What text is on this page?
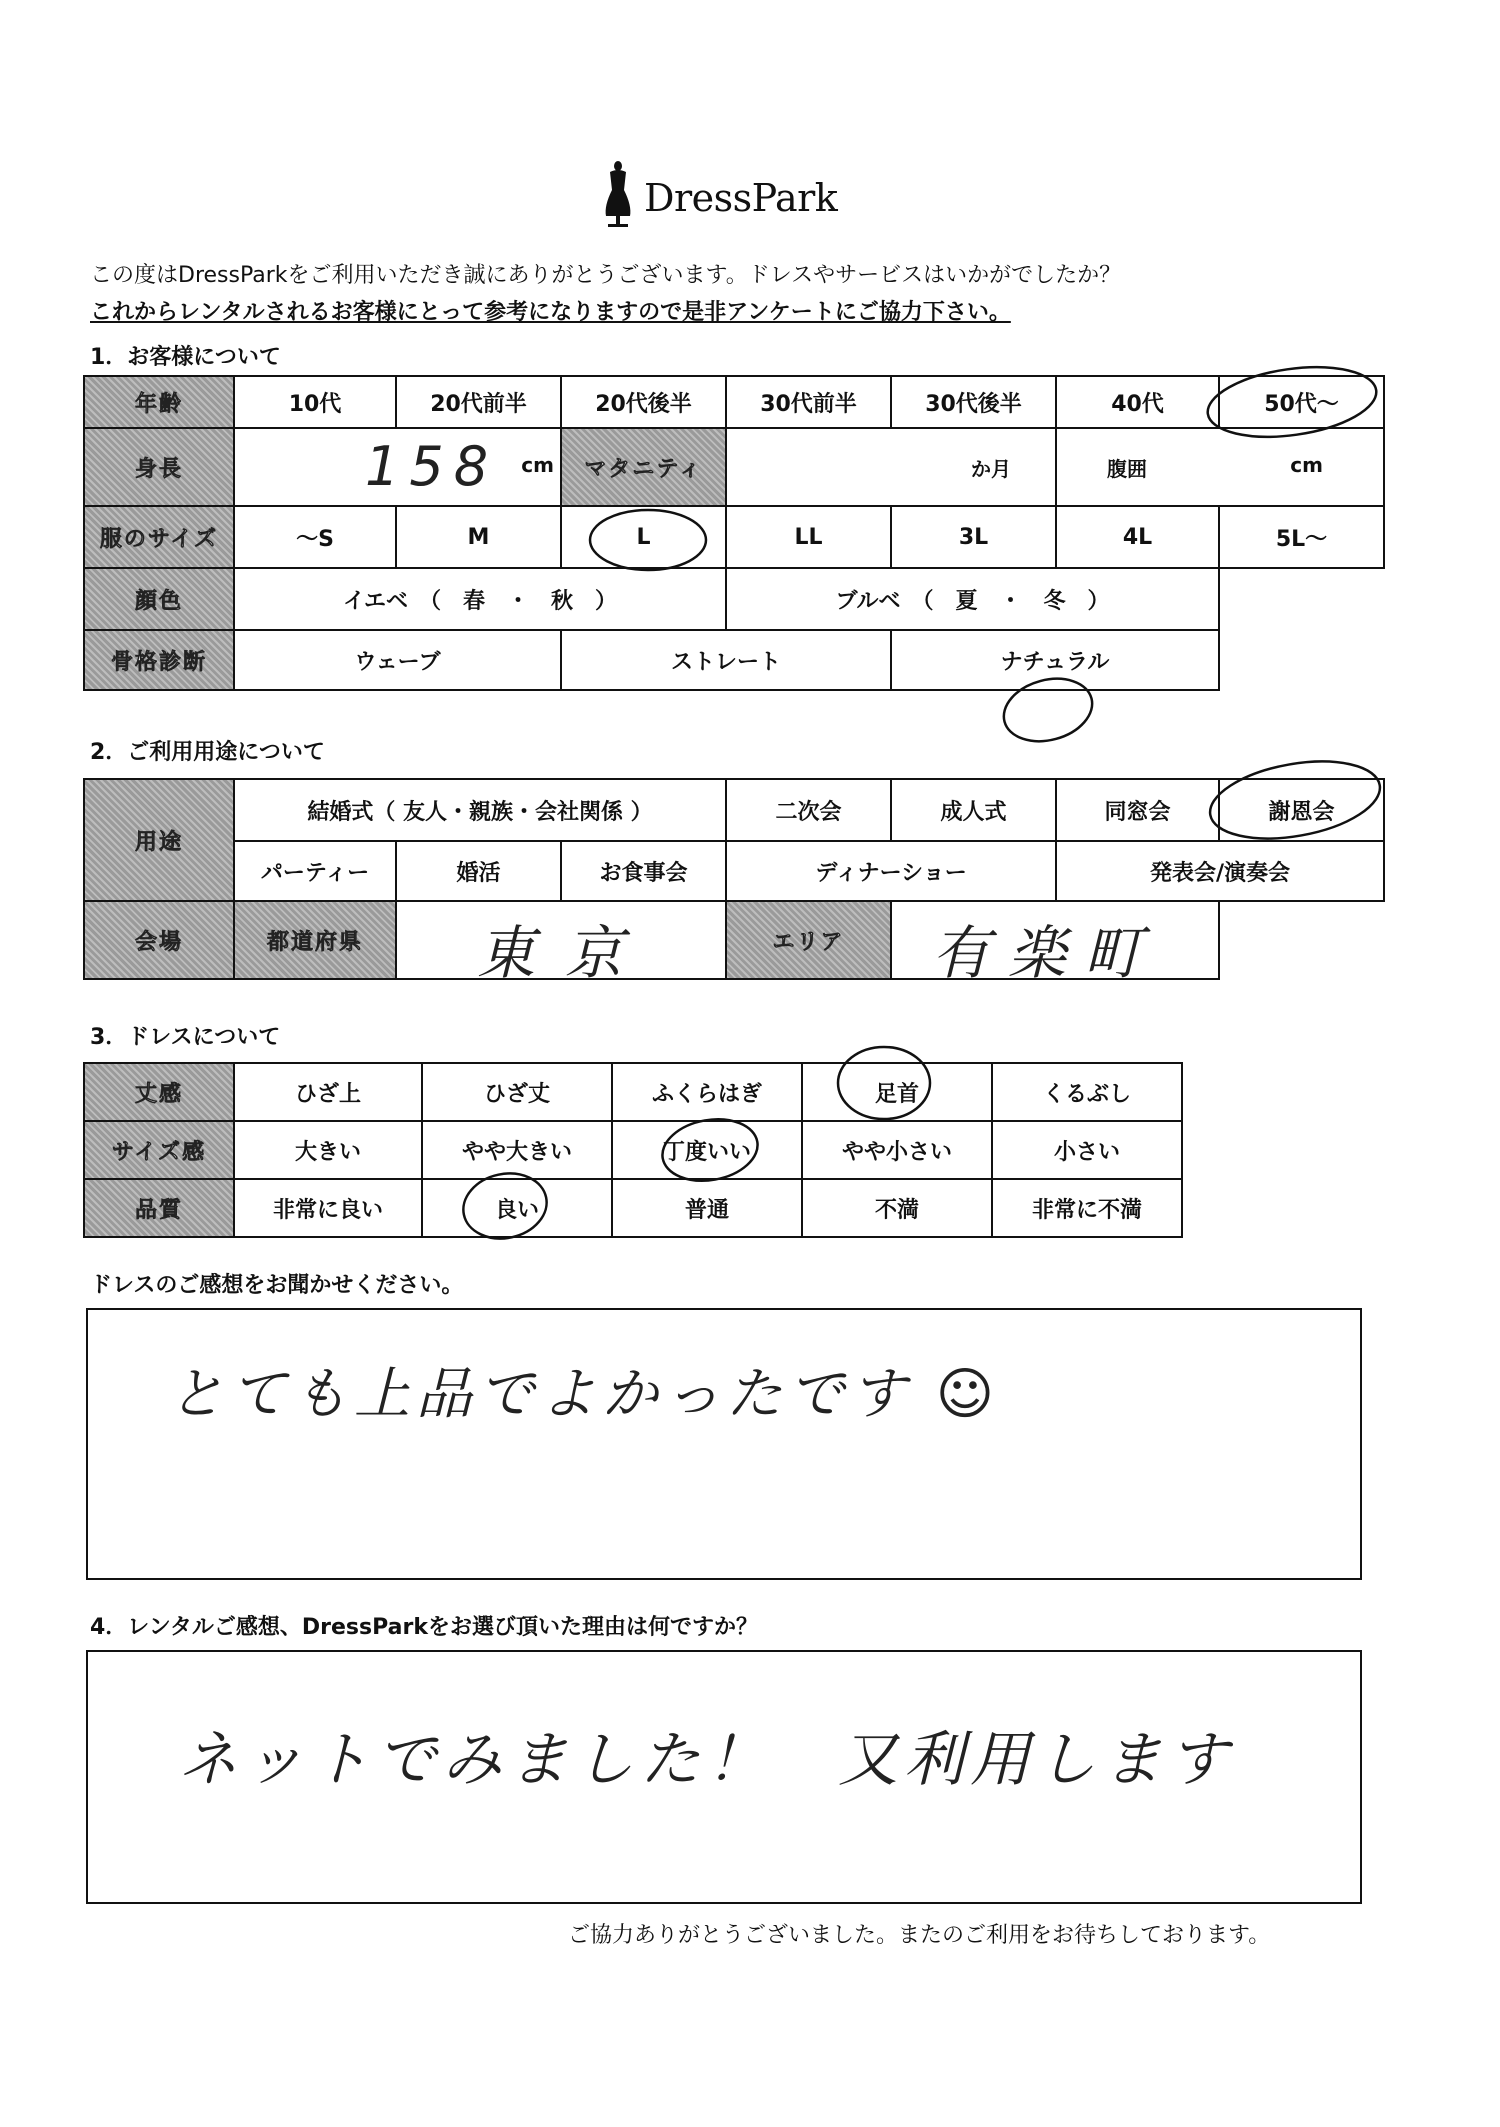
DressPark
この度はDressParkをご利用いただき誠にありがとうございます。ドレスやサービスはいかがでしたか？
これからレンタルされるお客様にとって参考になりますので是非アンケートにご協力下さい。
1．お客様について
年齢	10代	20代前半	20代後半	30代前半	30代後半	40代	50代〜
身長	158 cm		マタニティ	か月		腹囲 cm	

服のサイズ	〜S	M	L	LL	3L	4L	5L〜
顔色	イエベ　（　春　・　秋　）			ブルベ　（　夏　・　冬　）			
骨格診断	ウェーブ		ストレート		ナチュラル		
2．ご利用用途について
用途	結婚式（ 友人・親族・会社関係 ）			二次会	成人式	同窓会	謝恩会
	パーティー	婚活	お食事会	ディナーショー		発表会/演奏会	
会場	都道府県	東京		エリア	有楽町		

3．ドレスについて
丈感	ひざ上	ひざ丈	ふくらはぎ	足首	くるぶし
サイズ感	大きい	やや大きい	丁度いい	やや小さい	小さい
品質	非常に良い	良い	普通	不満	非常に不満
ドレスのご感想をお聞かせください。
とても上品でよかったです ☺
4．レンタルご感想、DressParkをお選び頂いた理由は何ですか？
ネットでみました！　又利用します
ご協力ありがとうございました。またのご利用をお待ちしております。
